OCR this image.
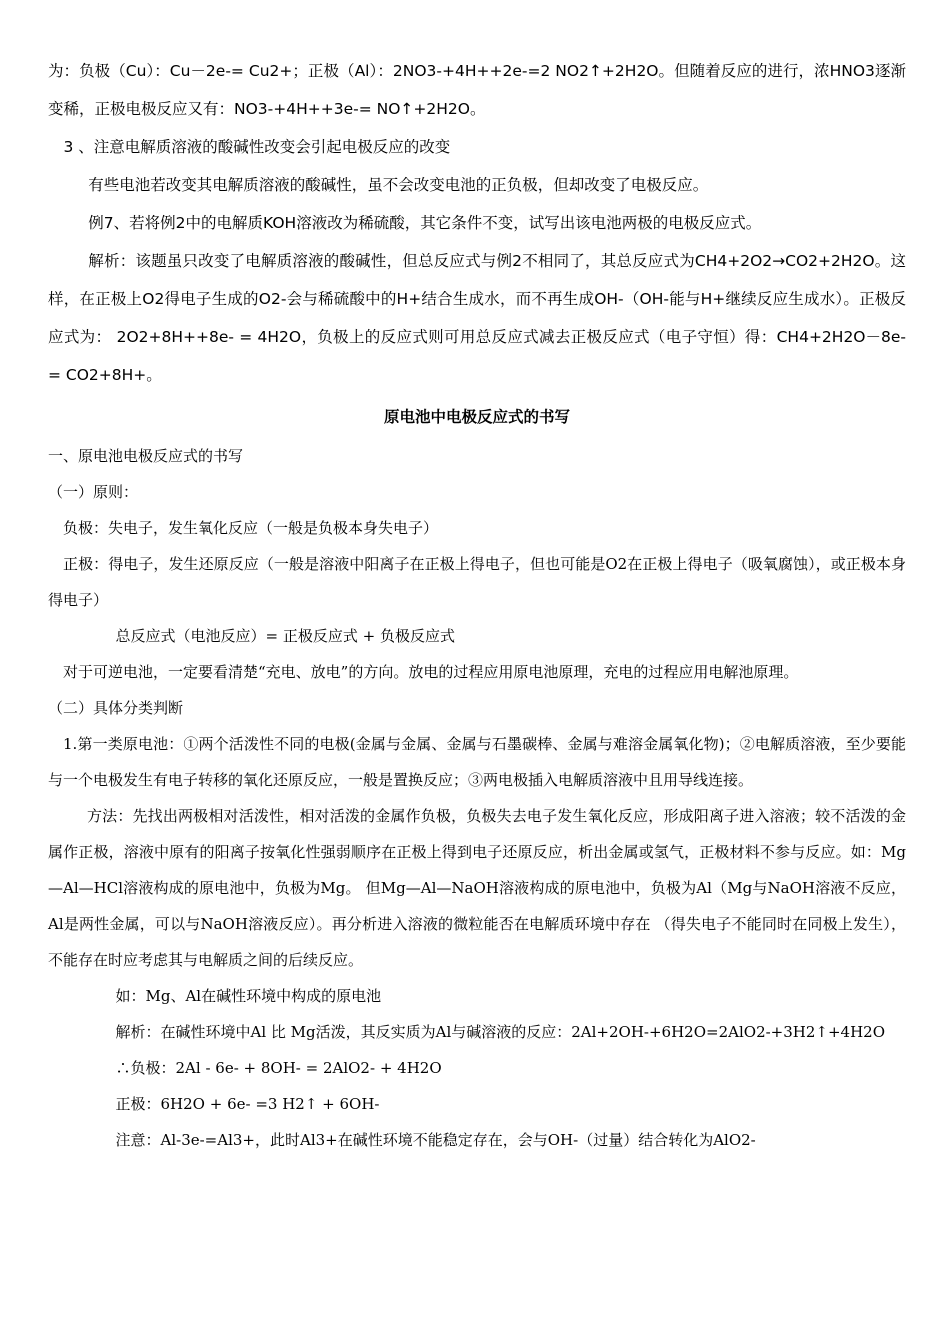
为：负极（Cu）：Cu－2e-= Cu2+；正极（Al）：2NO3-+4H++2e-=2 NO2↑+2H2O。但随着反应的进行，浓HNO3逐渐变稀，正极电极反应又有：NO3-+4H++3e-= NO↑+2H2O。

3 、注意电解质溶液的酸碱性改变会引起电极反应的改变

有些电池若改变其电解质溶液的酸碱性，虽不会改变电池的正负极，但却改变了电极反应。

例7、若将例2中的电解质KOH溶液改为稀硫酸，其它条件不变，试写出该电池两极的电极反应式。

解析：该题虽只改变了电解质溶液的酸碱性，但总反应式与例2不相同了，其总反应式为CH4+2O2→CO2+2H2O。这样，在正极上O2得电子生成的O2-会与稀硫酸中的H+结合生成水，而不再生成OH-（OH-能与H+继续反应生成水）。正极反应式为： 2O2+8H++8e- = 4H2O，负极上的反应式则可用总反应式减去正极反应式（电子守恒）得：CH4+2H2O－8e-= CO2+8H+。

原电池中电极反应式的书写

一、原电池电极反应式的书写

（一）原则：

负极：失电子，发生氧化反应（一般是负极本身失电子）

正极：得电子，发生还原反应（一般是溶液中阳离子在正极上得电子，但也可能是O2在正极上得电子（吸氧腐蚀），或正极本身得电子）

总反应式（电池反应）= 正极反应式 + 负极反应式

对于可逆电池，一定要看清楚“充电、放电”的方向。放电的过程应用原电池原理，充电的过程应用电解池原理。

（二）具体分类判断

1.第一类原电池：①两个活泼性不同的电极(金属与金属、金属与石墨碳棒、金属与难溶金属氧化物)；②电解质溶液，至少要能与一个电极发生有电子转移的氧化还原反应，一般是置换反应；③两电极插入电解质溶液中且用导线连接。

方法：先找出两极相对活泼性，相对活泼的金属作负极，负极失去电子发生氧化反应，形成阳离子进入溶液；较不活泼的金属作正极，溶液中原有的阳离子按氧化性强弱顺序在正极上得到电子还原反应，析出金属或氢气，正极材料不参与反应。如：Mg—Al—HCl溶液构成的原电池中，负极为Mg。 但Mg—Al—NaOH溶液构成的原电池中，负极为Al（Mg与NaOH溶液不反应，Al是两性金属，可以与NaOH溶液反应）。再分析进入溶液的微粒能否在电解质环境中存在 （得失电子不能同时在同极上发生），不能存在时应考虑其与电解质之间的后续反应。

如：Mg、Al在碱性环境中构成的原电池

解析：在碱性环境中Al 比 Mg活泼，其反实质为Al与碱溶液的反应：2Al+2OH-+6H2O=2AlO2-+3H2↑+4H2O

∴负极：2Al - 6e- + 8OH- = 2AlO2- + 4H2O

正极：6H2O + 6e- =3 H2↑ + 6OH-

注意：Al-3e-=Al3+，此时Al3+在碱性环境不能稳定存在，会与OH-（过量）结合转化为AlO2-
